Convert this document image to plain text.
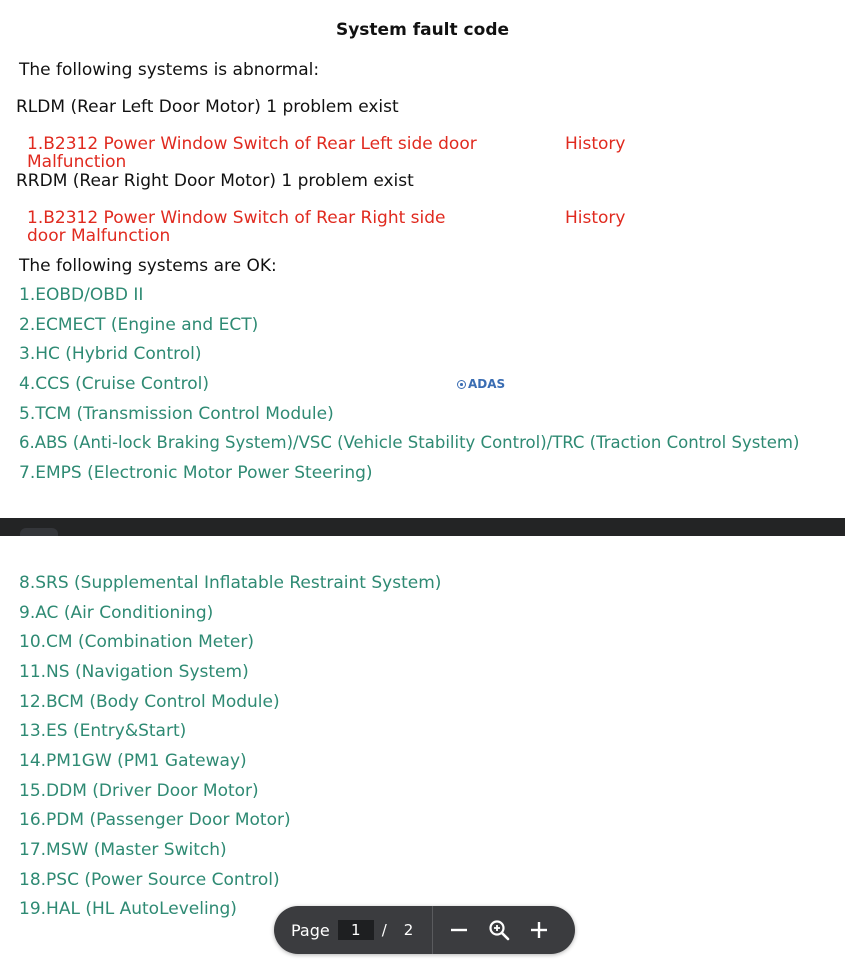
System fault code
The following systems is abnormal:
RLDM (Rear Left Door Motor) 1 problem exist
1.B2312 Power Window Switch of Rear Left side door Malfunction
History
RRDM (Rear Right Door Motor) 1 problem exist
1.B2312 Power Window Switch of Rear Right side door Malfunction
History
The following systems are OK:
1.EOBD/OBD II
2.ECMECT (Engine and ECT)
3.HC (Hybrid Control)
4.CCS (Cruise Control)
5.TCM (Transmission Control Module)
6.ABS (Anti-lock Braking System)/VSC (Vehicle Stability Control)/TRC (Traction Control System)
7.EMPS (Electronic Motor Power Steering)
ADAS
8.SRS (Supplemental Inflatable Restraint System)
9.AC (Air Conditioning)
10.CM (Combination Meter)
11.NS (Navigation System)
12.BCM (Body Control Module)
13.ES (Entry&Start)
14.PM1GW (PM1 Gateway)
15.DDM (Driver Door Motor)
16.PDM (Passenger Door Motor)
17.MSW (Master Switch)
18.PSC (Power Source Control)
19.HAL (HL AutoLeveling)
Page
1	/ 2
